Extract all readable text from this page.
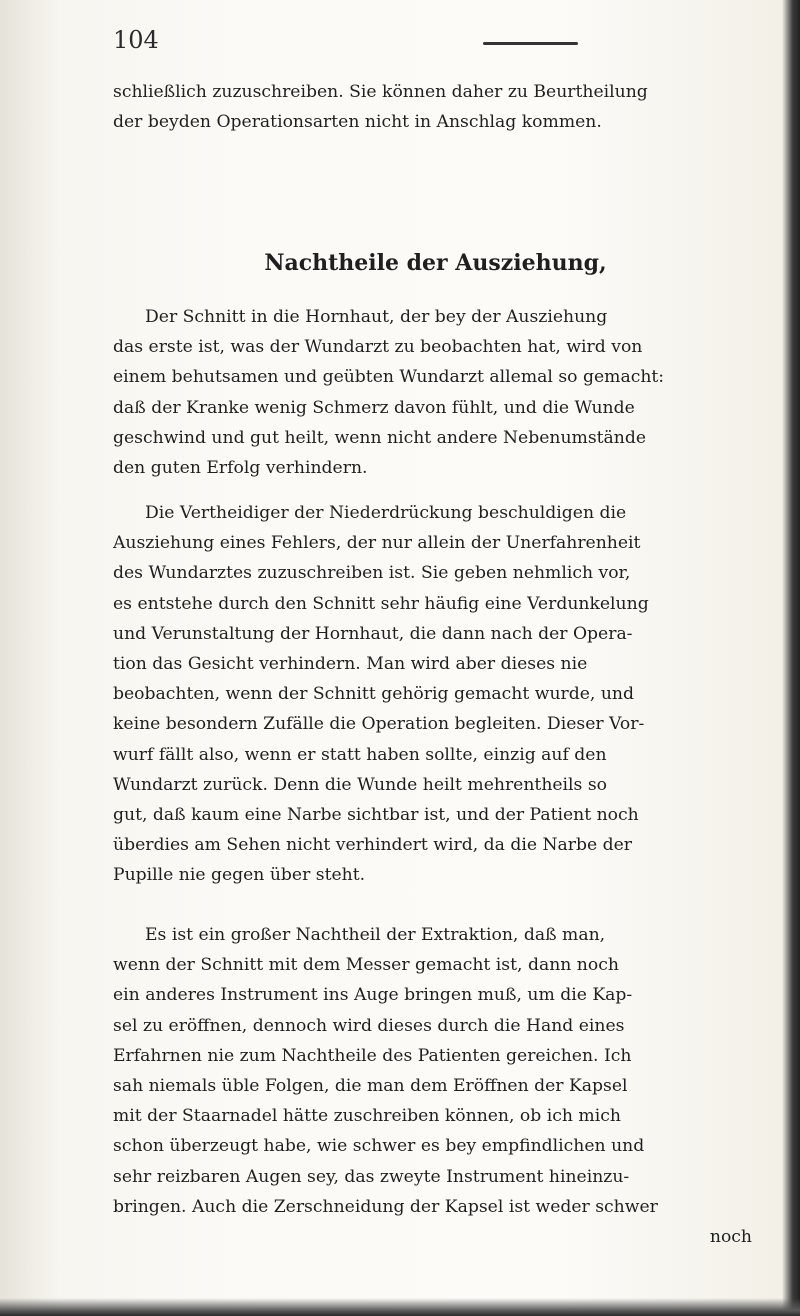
104
schließlich zuzuschreiben. Sie können daher zu Beurtheilung
der beyden Operationsarten nicht in Anschlag kommen.
Nachtheile der Ausziehung,
Der Schnitt in die Hornhaut, der bey der Ausziehung
das erste ist, was der Wundarzt zu beobachten hat, wird von
einem behutsamen und geübten Wundarzt allemal so gemacht:
daß der Kranke wenig Schmerz davon fühlt, und die Wunde
geschwind und gut heilt, wenn nicht andere Nebenumstände
den guten Erfolg verhindern.
Die Vertheidiger der Niederdrückung beschuldigen die
Ausziehung eines Fehlers, der nur allein der Unerfahrenheit
des Wundarztes zuzuschreiben ist. Sie geben nehmlich vor,
es entstehe durch den Schnitt sehr häufig eine Verdunkelung
und Verunstaltung der Hornhaut, die dann nach der Opera-
tion das Gesicht verhindern. Man wird aber dieses nie
beobachten, wenn der Schnitt gehörig gemacht wurde, und
keine besondern Zufälle die Operation begleiten. Dieser Vor-
wurf fällt also, wenn er statt haben sollte, einzig auf den
Wundarzt zurück. Denn die Wunde heilt mehrentheils so
gut, daß kaum eine Narbe sichtbar ist, und der Patient noch
überdies am Sehen nicht verhindert wird, da die Narbe der
Pupille nie gegen über steht.
Es ist ein großer Nachtheil der Extraktion, daß man,
wenn der Schnitt mit dem Messer gemacht ist, dann noch
ein anderes Instrument ins Auge bringen muß, um die Kap-
sel zu eröffnen, dennoch wird dieses durch die Hand eines
Erfahrnen nie zum Nachtheile des Patienten gereichen. Ich
sah niemals üble Folgen, die man dem Eröffnen der Kapsel
mit der Staarnadel hätte zuschreiben können, ob ich mich
schon überzeugt habe, wie schwer es bey empfindlichen und
sehr reizbaren Augen sey, das zweyte Instrument hineinzu-
bringen. Auch die Zerschneidung der Kapsel ist weder schwer
noch
